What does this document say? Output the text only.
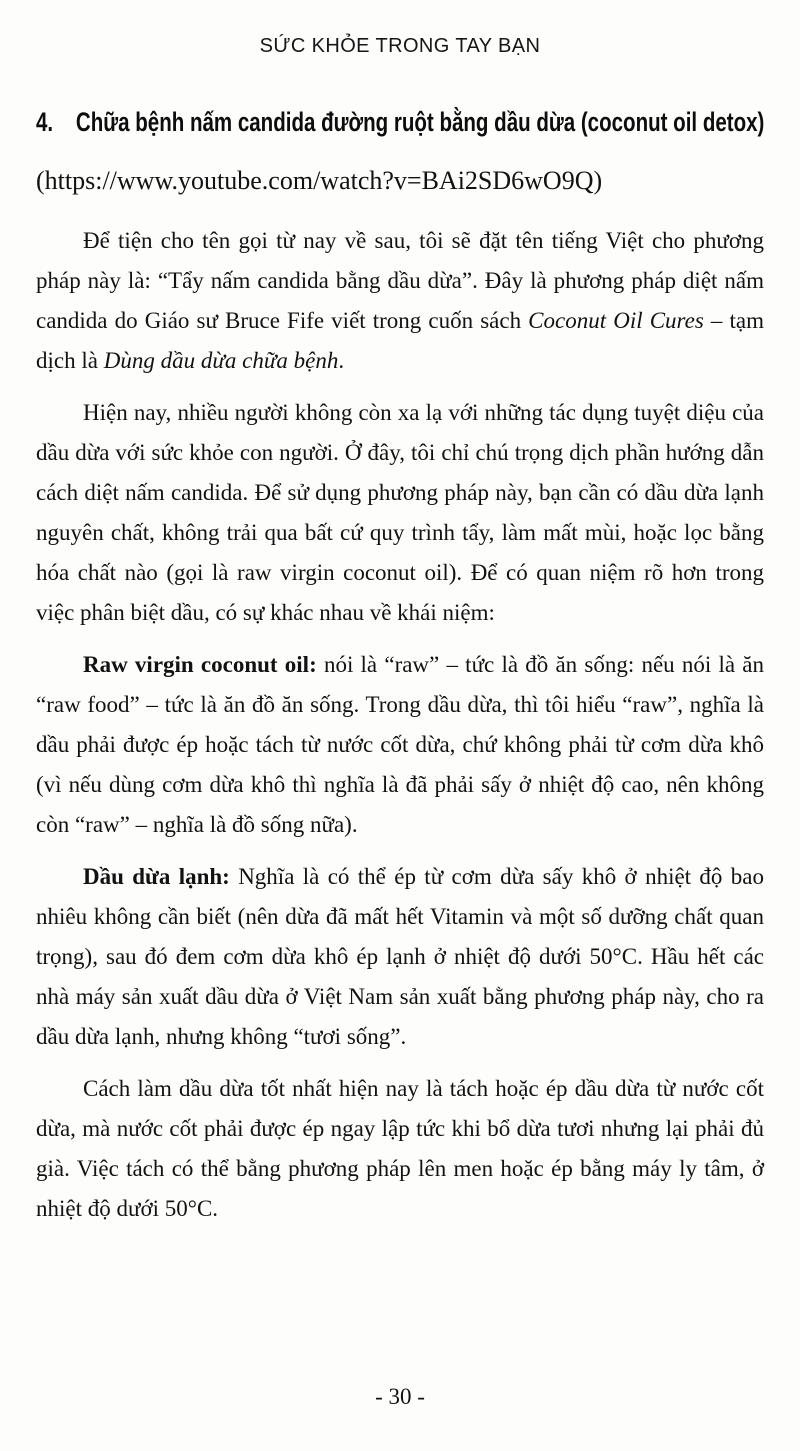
SỨC KHỎE TRONG TAY BẠN
4. Chữa bệnh nấm candida đường ruột bằng dầu dừa (coconut oil detox)
(https://www.youtube.com/watch?v=BAi2SD6wO9Q)

Để tiện cho tên gọi từ nay về sau, tôi sẽ đặt tên tiếng Việt cho phương pháp này là: “Tẩy nấm candida bằng dầu dừa”. Đây là phương pháp diệt nấm candida do Giáo sư Bruce Fife viết trong cuốn sách Coconut Oil Cures – tạm dịch là Dùng dầu dừa chữa bệnh.

Hiện nay, nhiều người không còn xa lạ với những tác dụng tuyệt diệu của dầu dừa với sức khỏe con người. Ở đây, tôi chỉ chú trọng dịch phần hướng dẫn cách diệt nấm candida. Để sử dụng phương pháp này, bạn cần có dầu dừa lạnh nguyên chất, không trải qua bất cứ quy trình tẩy, làm mất mùi, hoặc lọc bằng hóa chất nào (gọi là raw virgin coconut oil). Để có quan niệm rõ hơn trong việc phân biệt dầu, có sự khác nhau về khái niệm:

Raw virgin coconut oil: nói là “raw” – tức là đồ ăn sống: nếu nói là ăn “raw food” – tức là ăn đồ ăn sống. Trong dầu dừa, thì tôi hiểu “raw”, nghĩa là dầu phải được ép hoặc tách từ nước cốt dừa, chứ không phải từ cơm dừa khô (vì nếu dùng cơm dừa khô thì nghĩa là đã phải sấy ở nhiệt độ cao, nên không còn “raw” – nghĩa là đồ sống nữa).

Dầu dừa lạnh: Nghĩa là có thể ép từ cơm dừa sấy khô ở nhiệt độ bao nhiêu không cần biết (nên dừa đã mất hết Vitamin và một số dưỡng chất quan trọng), sau đó đem cơm dừa khô ép lạnh ở nhiệt độ dưới 50°C. Hầu hết các nhà máy sản xuất dầu dừa ở Việt Nam sản xuất bằng phương pháp này, cho ra dầu dừa lạnh, nhưng không “tươi sống”.

Cách làm dầu dừa tốt nhất hiện nay là tách hoặc ép dầu dừa từ nước cốt dừa, mà nước cốt phải được ép ngay lập tức khi bổ dừa tươi nhưng lại phải đủ già. Việc tách có thể bằng phương pháp lên men hoặc ép bằng máy ly tâm, ở nhiệt độ dưới 50°C.

- 30 -
